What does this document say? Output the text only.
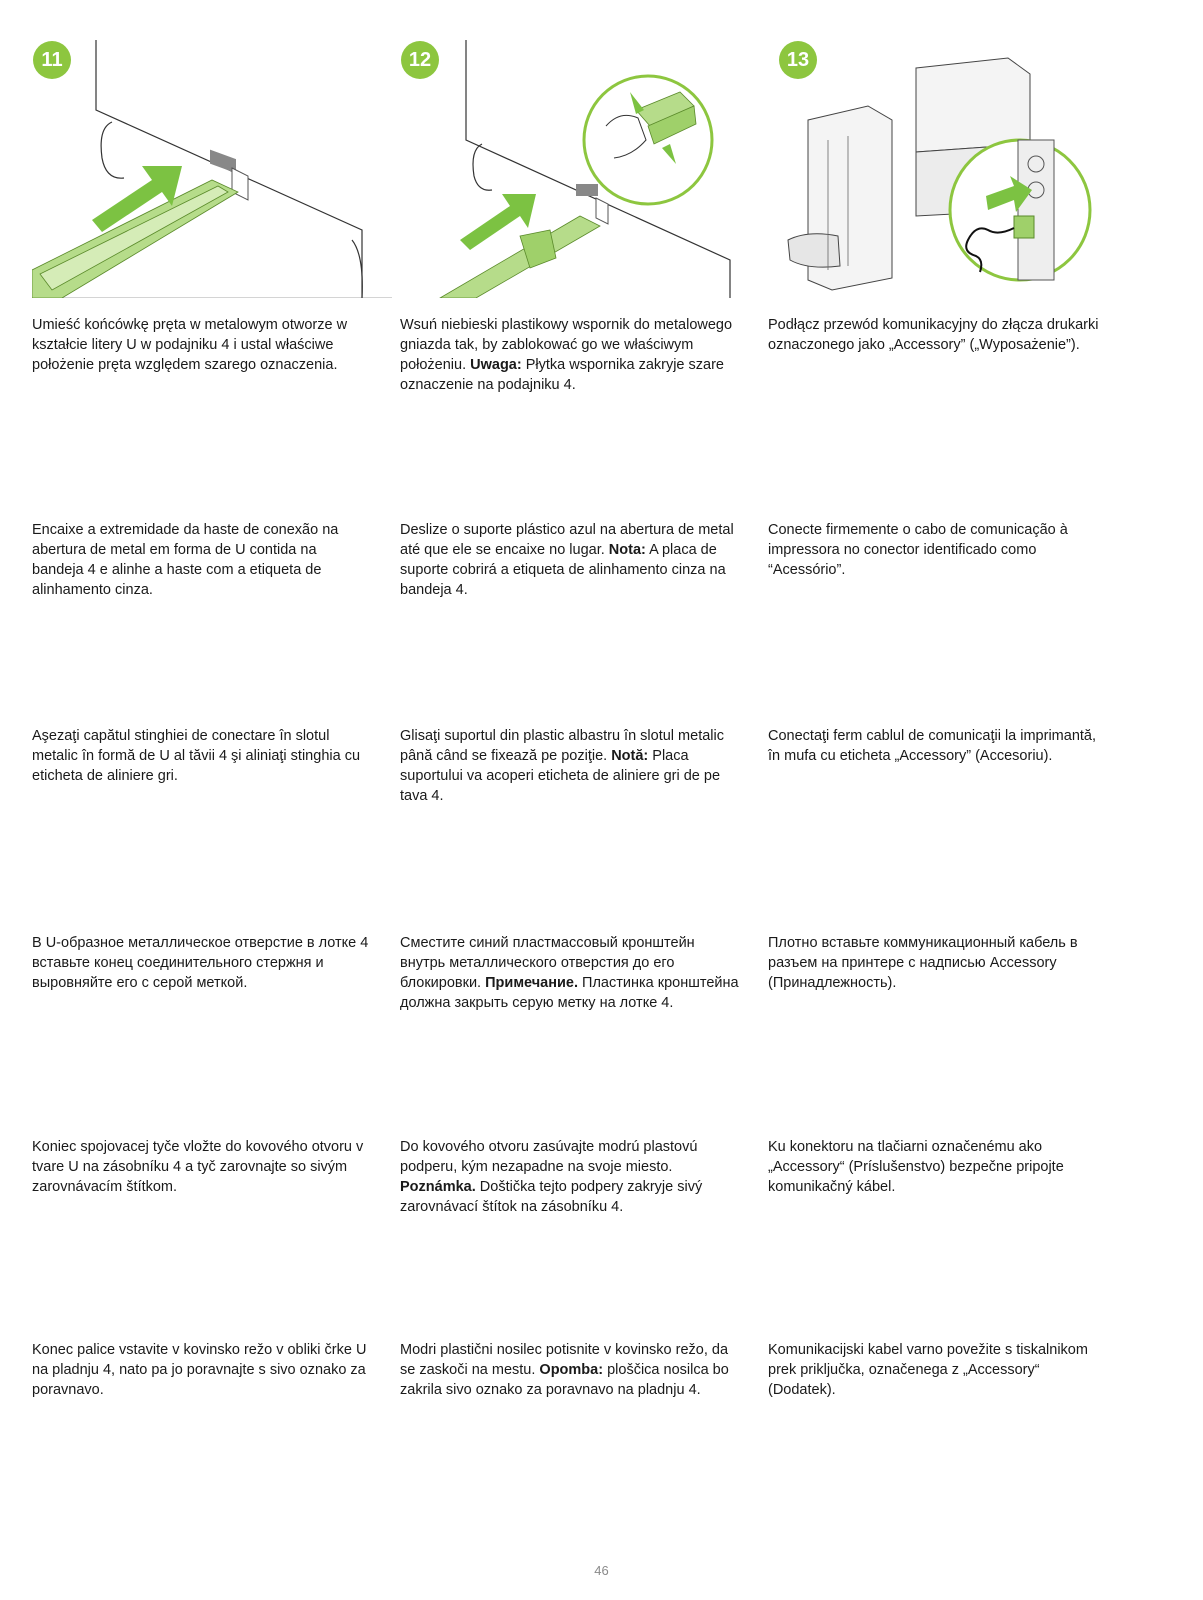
11	12	13

Umieść końcówkę pręta w metalowym otworze w kształcie litery U w podajniku 4 i ustal właściwe położenie pręta względem szarego oznaczenia.

Wsuń niebieski plastikowy wspornik do metalowego gniazda tak, by zablokować go we właściwym położeniu. Uwaga: Płytka wspornika zakryje szare oznaczenie na podajniku 4.

Podłącz przewód komunikacyjny do złącza drukarki oznaczonego jako „Accessory” („Wyposażenie”).

Encaixe a extremidade da haste de conexão na abertura de metal em forma de U contida na bandeja 4 e alinhe a haste com a etiqueta de alinhamento cinza.

Deslize o suporte plástico azul na abertura de metal até que ele se encaixe no lugar. Nota: A placa de suporte cobrirá a etiqueta de alinhamento cinza na bandeja 4.

Conecte firmemente o cabo de comunicação à impressora no conector identificado como “Acessório”.

Aşezaţi capătul stinghiei de conectare în slotul metalic în formă de U al tăvii 4 şi aliniaţi stinghia cu eticheta de aliniere gri.

Glisaţi suportul din plastic albastru în slotul metalic până când se fixează pe poziţie. Notă: Placa suportului va acoperi eticheta de aliniere gri de pe tava 4.

Conectaţi ferm cablul de comunicaţii la imprimantă, în mufa cu eticheta „Accessory” (Accesoriu).

В U-образное металлическое отверстие в лотке 4 вставьте конец соединительного стержня и выровняйте его с серой меткой.

Сместите синий пластмассовый кронштейн внутрь металлического отверстия до его блокировки. Примечание. Пластинка кронштейна должна закрыть серую метку на лотке 4.

Плотно вставьте коммуникационный кабель в разъем на принтере с надписью Accessory (Принадлежность).

Koniec spojovacej tyče vložte do kovového otvoru v tvare U na zásobníku 4 a tyč zarovnajte so sivým zarovnávacím štítkom.

Do kovového otvoru zasúvajte modrú plastovú podperu, kým nezapadne na svoje miesto. Poznámka. Doštička tejto podpery zakryje sivý zarovnávací štítok na zásobníku 4.

Ku konektoru na tlačiarni označenému ako „Accessory“ (Príslušenstvo) bezpečne pripojte komunikačný kábel.

Konec palice vstavite v kovinsko režo v obliki črke U na pladnju 4, nato pa jo poravnajte s sivo oznako za poravnavo.

Modri plastični nosilec potisnite v kovinsko režo, da se zaskoči na mestu. Opomba: ploščica nosilca bo zakrila sivo oznako za poravnavo na pladnju 4.

Komunikacijski kabel varno povežite s tiskalnikom prek priključka, označenega z „Accessory“ (Dodatek).

46
